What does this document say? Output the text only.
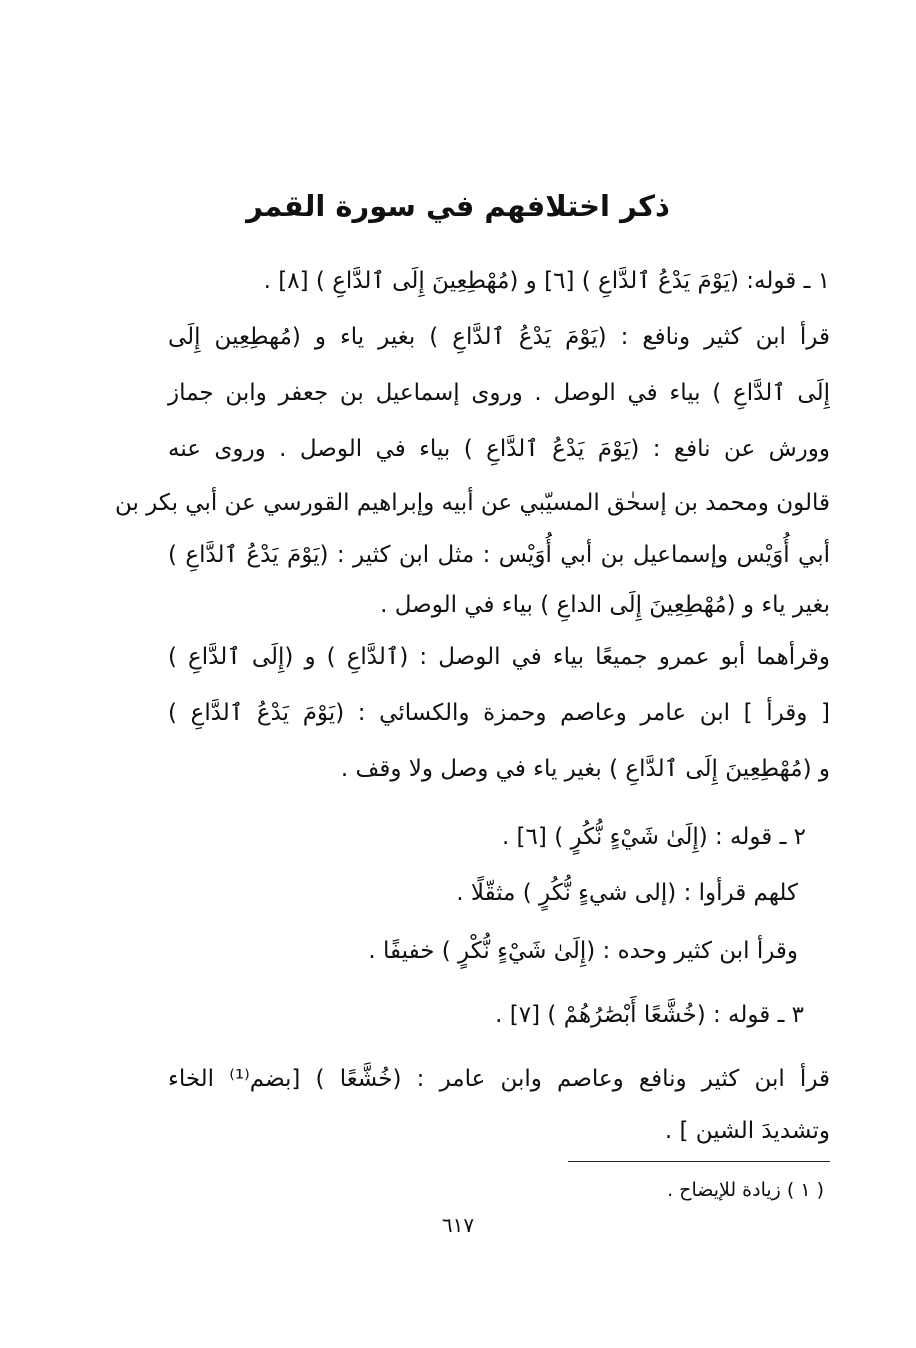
ذكر اختلافهم في سورة القمر
١ ـ قوله: (يَوْمَ يَدْعُ ٱلدَّاعِ ) [٦] و (مُهْطِعِينَ إِلَى ٱلدَّاعِ ) [٨] .
قرأ ابن كثير ونافع : (يَوْمَ يَدْعُ ٱلدَّاعِ ) بغير ياء و (مُهطِعِين إِلَى
إِلَى ٱلدَّاعِ ) بياء في الوصل . وروى إسماعيل بن جعفر وابن جماز
وورش عن نافع : (يَوْمَ يَدْعُ ٱلدَّاعِ ) بياء في الوصل . وروى عنه
قالون ومحمد بن إسحٰق المسيّبي عن أبيه وإبراهيم القورسي عن أبي بكر بن
أبي أُوَيْس وإسماعيل بن أبي أُوَيْس : مثل ابن كثير : (يَوْمَ يَدْعُ ٱلدَّاعِ )
بغير ياء و (مُهْطِعِينَ إِلَى الداعِ ) بياء في الوصل .
وقرأهما أبو عمرو جميعًا بياء في الوصل : (ٱلدَّاعِ ) و (إِلَى ٱلدَّاعِ )
[ وقرأ ] ابن عامر وعاصم وحمزة والكسائي : (يَوْمَ يَدْعُ ٱلدَّاعِ )
و (مُهْطِعِينَ إِلَى ٱلدَّاعِ ) بغير ياء في وصل ولا وقف .
٢ ـ قوله : (إِلَىٰ شَيْءٍ نُّكُرٍ ) [٦] .
كلهم قرأوا : (إلى شيءٍ نُّكُرٍ ) مثقّلًا .
وقرأ ابن كثير وحده : (إِلَىٰ شَيْءٍ نُّكْرٍ ) خفيفًا .
٣ ـ قوله : (خُشَّعًا أَبْصَٰرُهُمْ ) [٧] .
قرأ ابن كثير ونافع وعاصم وابن عامر : (خُشَّعًا ) [بضم⁽¹⁾ الخاء
وتشديدَ الشين ] .
( ١ ) زيادة للإيضاح .
٦١٧
